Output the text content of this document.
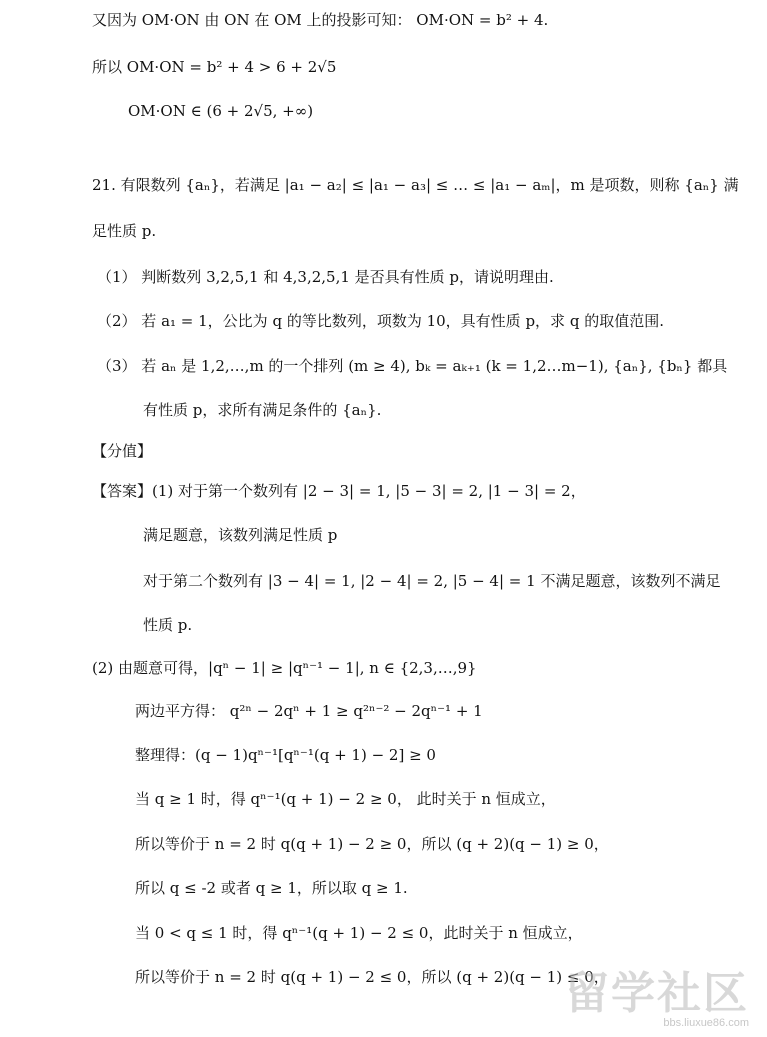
又因为 OM·ON 由 ON 在 OM 上的投影可知： OM·ON = b² + 4.
所以 OM·ON = b² + 4 > 6 + 2√5
OM·ON ∈ (6 + 2√5, +∞)
21. 有限数列 {aₙ}，若满足 |a₁ − a₂| ≤ |a₁ − a₃| ≤ … ≤ |a₁ − aₘ|，m 是项数，则称 {aₙ} 满
足性质 p.
（1） 判断数列 3,2,5,1 和 4,3,2,5,1 是否具有性质 p，请说明理由.
（2） 若 a₁ = 1，公比为 q 的等比数列，项数为 10，具有性质 p，求 q 的取值范围.
（3） 若 aₙ 是 1,2,…,m 的一个排列 (m ≥ 4), bₖ = aₖ₊₁ (k = 1,2…m−1), {aₙ}, {bₙ} 都具
有性质 p，求所有满足条件的 {aₙ}.
【分值】
【答案】(1) 对于第一个数列有 |2 − 3| = 1, |5 − 3| = 2, |1 − 3| = 2，
满足题意，该数列满足性质 p
对于第二个数列有 |3 − 4| = 1, |2 − 4| = 2, |5 − 4| = 1 不满足题意，该数列不满足
性质 p.
(2) 由题意可得，|qⁿ − 1| ≥ |qⁿ⁻¹ − 1|, n ∈ {2,3,…,9}
两边平方得： q²ⁿ − 2qⁿ + 1 ≥ q²ⁿ⁻² − 2qⁿ⁻¹ + 1
整理得：(q − 1)qⁿ⁻¹[qⁿ⁻¹(q + 1) − 2] ≥ 0
当 q ≥ 1 时，得 qⁿ⁻¹(q + 1) − 2 ≥ 0， 此时关于 n 恒成立，
所以等价于 n = 2 时 q(q + 1) − 2 ≥ 0，所以 (q + 2)(q − 1) ≥ 0，
所以 q ≤ -2 或者 q ≥ 1，所以取 q ≥ 1.
当 0 < q ≤ 1 时，得 qⁿ⁻¹(q + 1) − 2 ≤ 0，此时关于 n 恒成立，
所以等价于 n = 2 时 q(q + 1) − 2 ≤ 0，所以 (q + 2)(q − 1) ≤ 0，
留学社区
bbs.liuxue86.com
